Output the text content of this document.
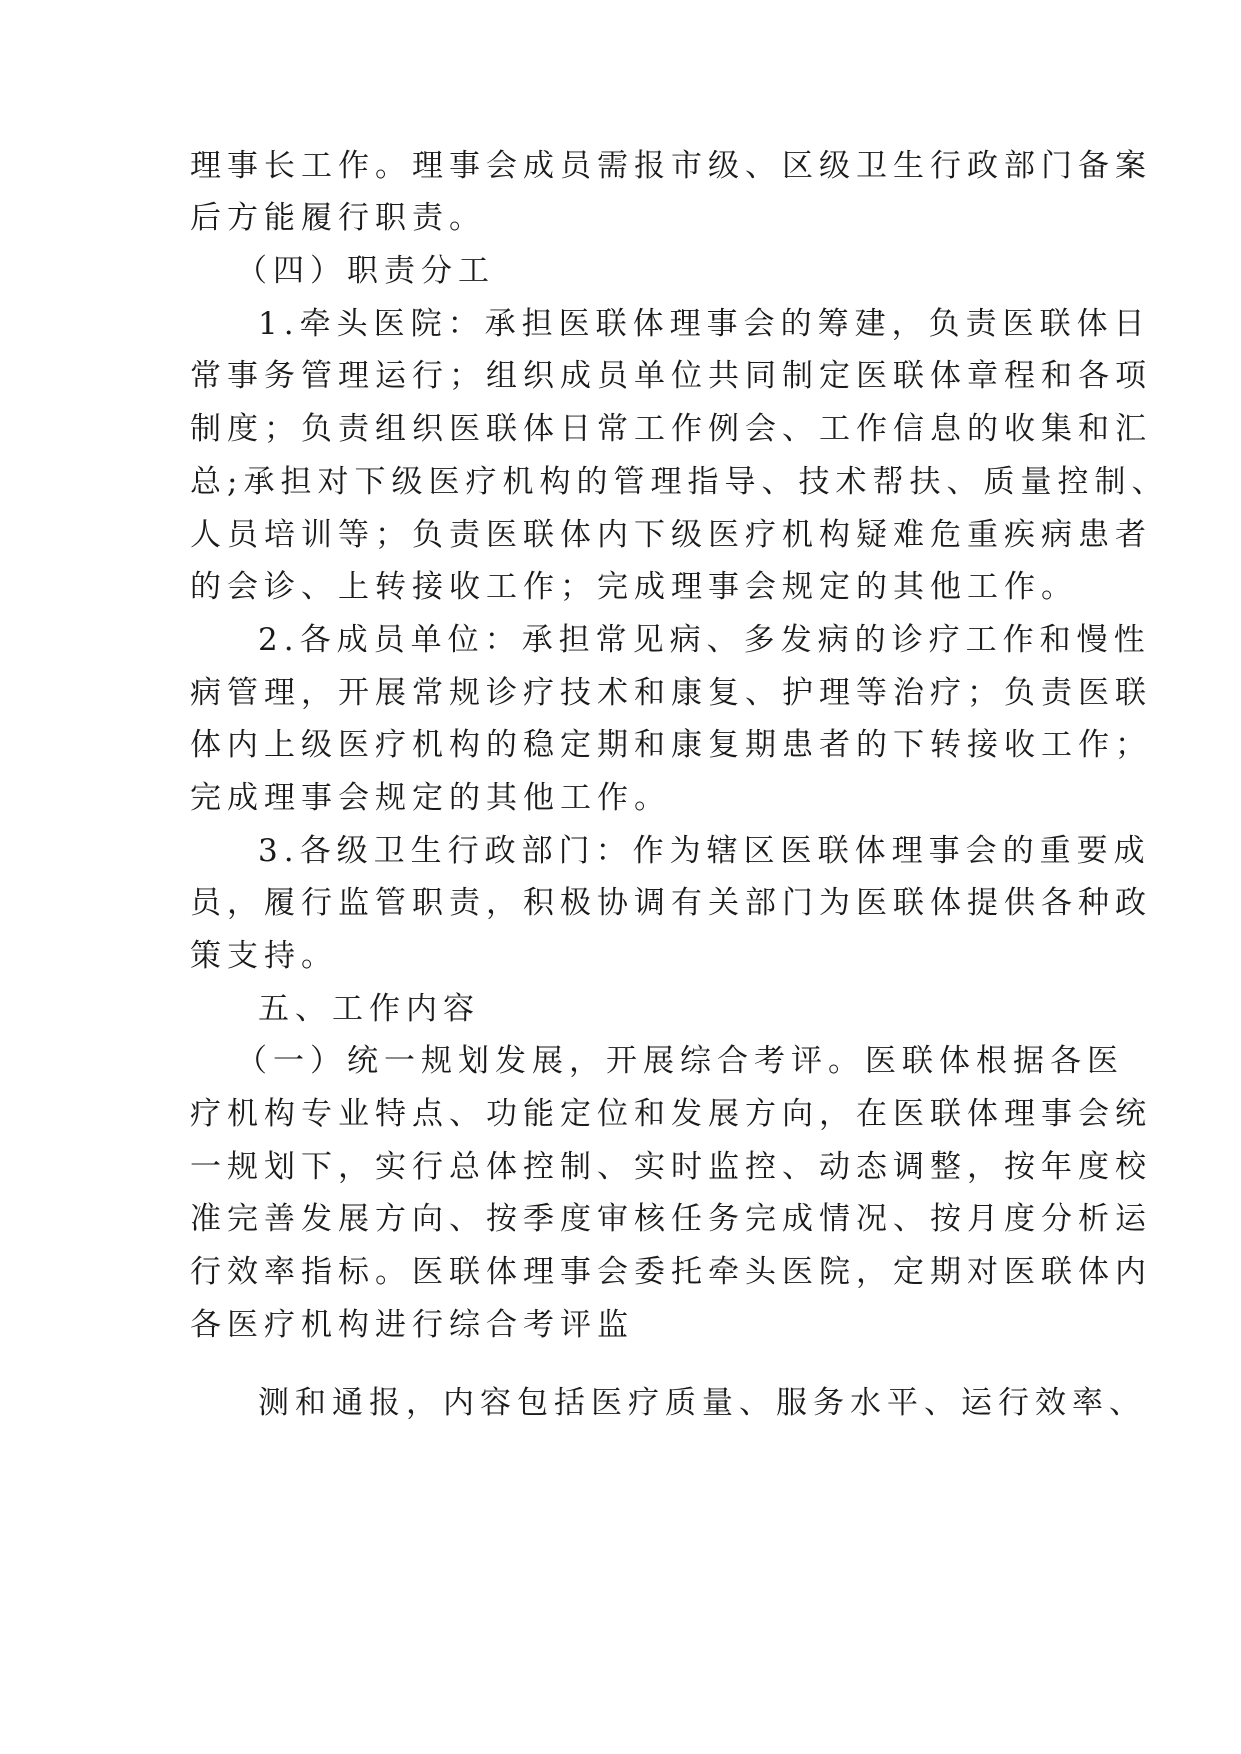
理事长工作。理事会成员需报市级、区级卫生行政部门备案
后方能履行职责。
（四）职责分工
1.牵头医院：承担医联体理事会的筹建，负责医联体日
常事务管理运行；组织成员单位共同制定医联体章程和各项
制度；负责组织医联体日常工作例会、工作信息的收集和汇
总;承担对下级医疗机构的管理指导、技术帮扶、质量控制、
人员培训等；负责医联体内下级医疗机构疑难危重疾病患者
的会诊、上转接收工作；完成理事会规定的其他工作。
2.各成员单位：承担常见病、多发病的诊疗工作和慢性
病管理，开展常规诊疗技术和康复、护理等治疗；负责医联
体内上级医疗机构的稳定期和康复期患者的下转接收工作；
完成理事会规定的其他工作。
3.各级卫生行政部门：作为辖区医联体理事会的重要成
员，履行监管职责，积极协调有关部门为医联体提供各种政
策支持。
五、工作内容
（一）统一规划发展，开展综合考评。医联体根据各医
疗机构专业特点、功能定位和发展方向，在医联体理事会统
一规划下，实行总体控制、实时监控、动态调整，按年度校
准完善发展方向、按季度审核任务完成情况、按月度分析运
行效率指标。医联体理事会委托牵头医院，定期对医联体内
各医疗机构进行综合考评监
测和通报，内容包括医疗质量、服务水平、运行效率、
